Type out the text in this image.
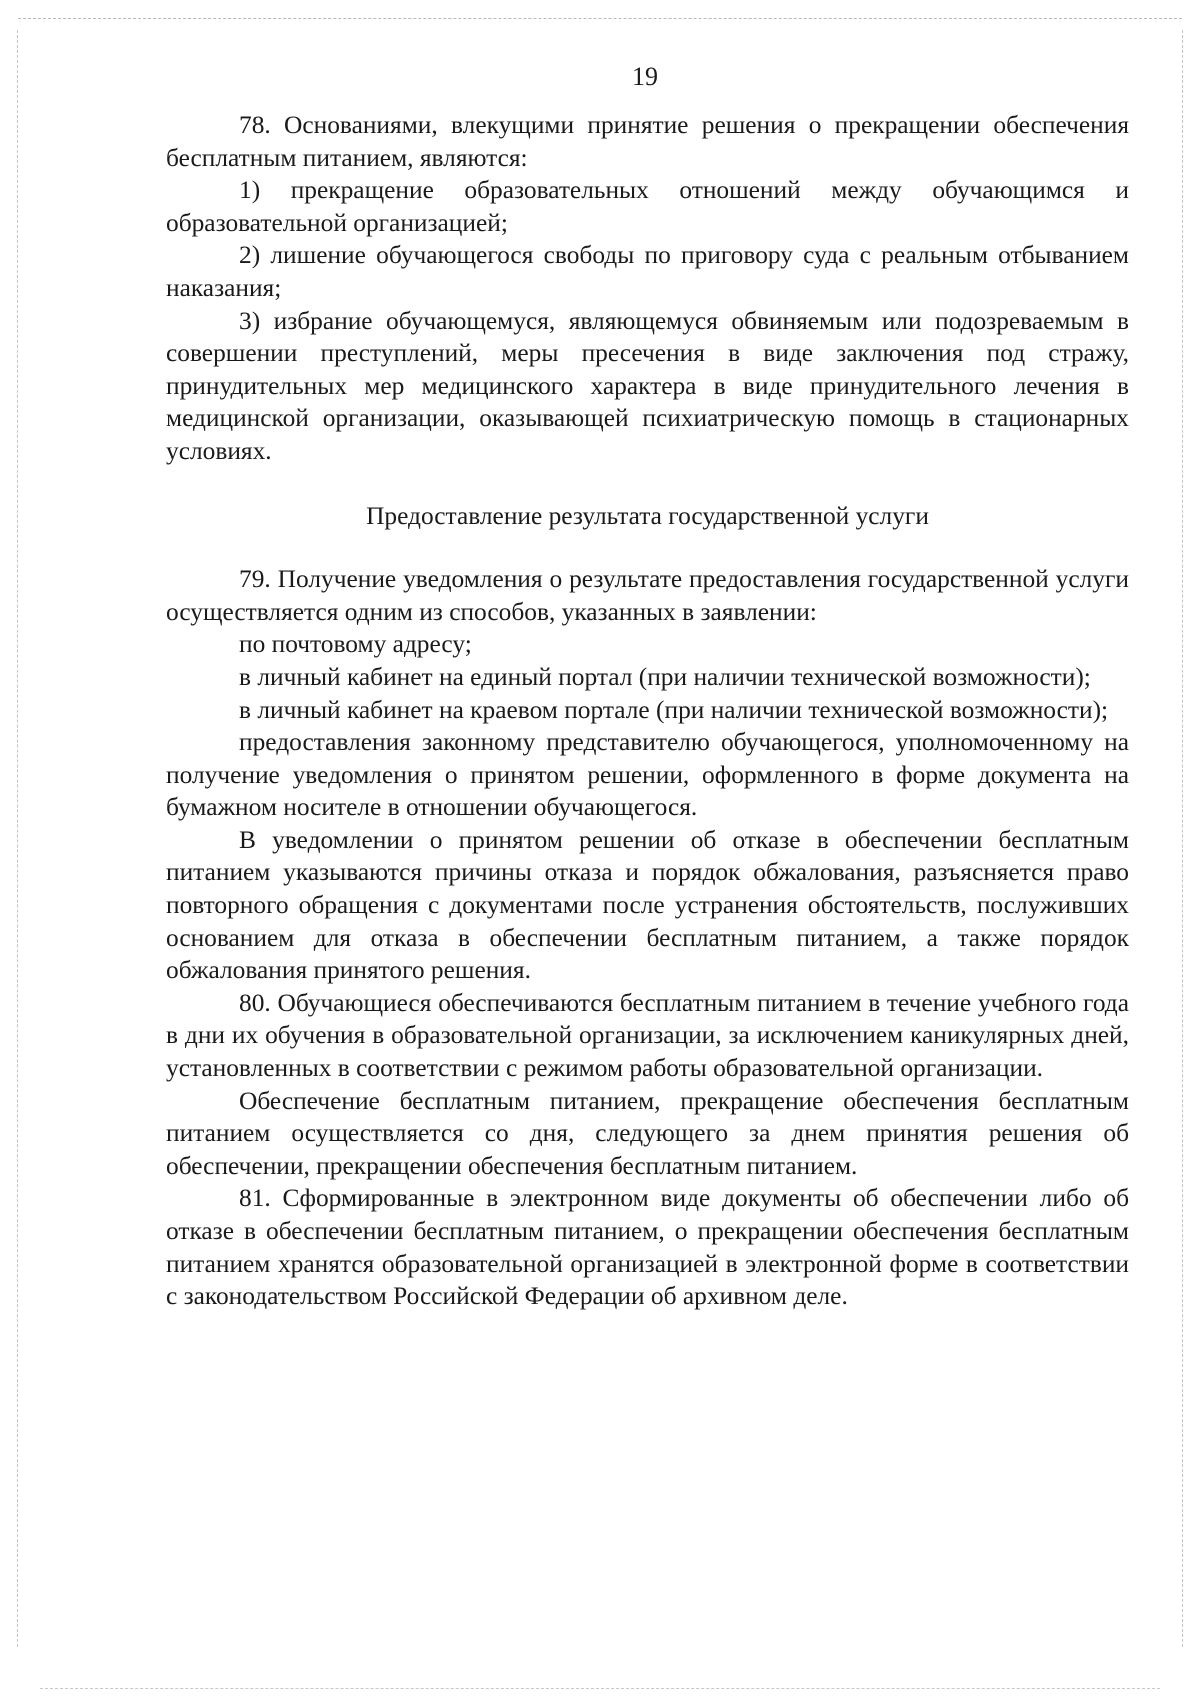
19

78. Основаниями, влекущими принятие решения о прекращении обеспечения бесплатным питанием, являются:

1) прекращение образовательных отношений между обучающимся и образовательной организацией;

2) лишение обучающегося свободы по приговору суда с реальным отбыванием наказания;

3) избрание обучающемуся, являющемуся обвиняемым или подозреваемым в совершении преступлений, меры пресечения в виде заключения под стражу, принудительных мер медицинского характера в виде принудительного лечения в медицинской организации, оказывающей психиатрическую помощь в стационарных условиях.

Предоставление результата государственной услуги

79. Получение уведомления о результате предоставления государственной услуги осуществляется одним из способов, указанных в заявлении:

по почтовому адресу;

в личный кабинет на единый портал (при наличии технической возможности);

в личный кабинет на краевом портале (при наличии технической возможности);

предоставления законному представителю обучающегося, уполномоченному на получение уведомления о принятом решении, оформленного в форме документа на бумажном носителе в отношении обучающегося.

В уведомлении о принятом решении об отказе в обеспечении бесплатным питанием указываются причины отказа и порядок обжалования, разъясняется право повторного обращения с документами после устранения обстоятельств, послуживших основанием для отказа в обеспечении бесплатным питанием, а также порядок обжалования принятого решения.

80. Обучающиеся обеспечиваются бесплатным питанием в течение учебного года в дни их обучения в образовательной организации, за исключением каникулярных дней, установленных в соответствии с режимом работы образовательной организации.

Обеспечение бесплатным питанием, прекращение обеспечения бесплатным питанием осуществляется со дня, следующего за днем принятия решения об обеспечении, прекращении обеспечения бесплатным питанием.

81. Сформированные в электронном виде документы об обеспечении либо об отказе в обеспечении бесплатным питанием, о прекращении обеспечения бесплатным питанием хранятся образовательной организацией в электронной форме в соответствии с законодательством Российской Федерации об архивном деле.
